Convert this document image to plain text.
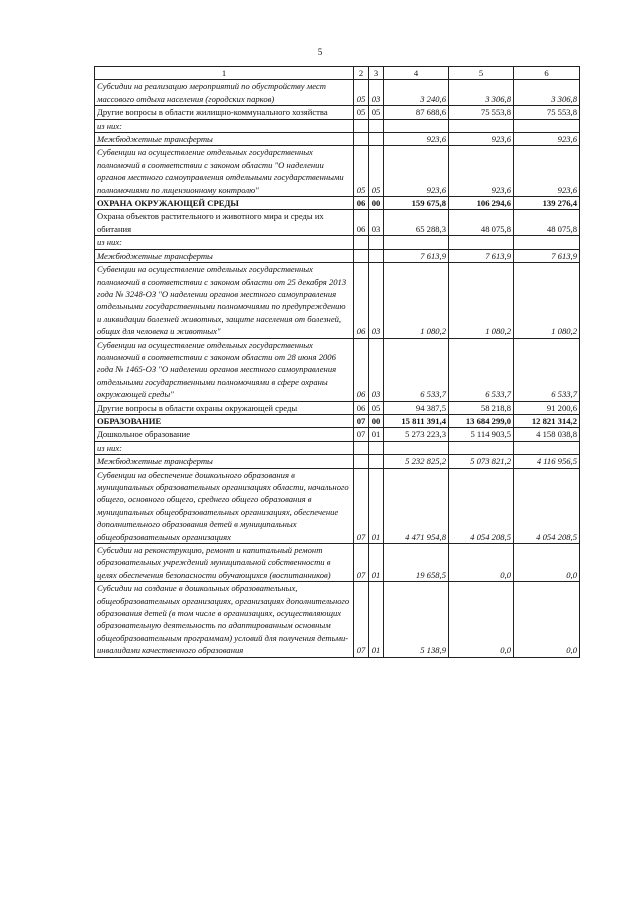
5
1	2	3	4	5	6
Субсидии на реализацию мероприятий по обустройству мест массового отдыха населения (городских парков)	05	03	3 240,6	3 306,8	3 306,8
Другие вопросы в области жилищно-коммунального хозяйства	05	05	87 688,6	75 553,8	75 553,8
из них:					
Межбюджетные трансферты			923,6	923,6	923,6
Субвенции на осуществление отдельных государственных полномочий в соответствии с законом области "О наделении органов местного самоуправления отдельными государственными полномочиями по лицензионному контролю"	05	05	923,6	923,6	923,6
ОХРАНА ОКРУЖАЮЩЕЙ СРЕДЫ	06	00	159 675,8	106 294,6	139 276,4
Охрана объектов растительного и животного мира и среды их обитания	06	03	65 288,3	48 075,8	48 075,8
из них:					
Межбюджетные трансферты			7 613,9	7 613,9	7 613,9
Субвенции на осуществление отдельных государственных полномочий в соответствии с законом области от 25 декабря 2013 года № 3248-ОЗ "О наделении органов местного самоуправления отдельными государственными полномочиями по предупреждению и ликвидации болезней животных, защите населения от болезней, общих для человека и животных"	06	03	1 080,2	1 080,2	1 080,2
Субвенции на осуществление отдельных государственных полномочий в соответствии с законом области от 28 июня 2006 года № 1465-ОЗ "О наделении органов местного самоуправления отдельными государственными полномочиями в сфере охраны окружающей среды"	06	03	6 533,7	6 533,7	6 533,7
Другие вопросы в области охраны окружающей среды	06	05	94 387,5	58 218,8	91 200,6
ОБРАЗОВАНИЕ	07	00	15 811 391,4	13 684 299,0	12 821 314,2
Дошкольное образование	07	01	5 273 223,3	5 114 903,5	4 158 038,8
из них:					
Межбюджетные трансферты			5 232 825,2	5 073 821,2	4 116 956,5
Субвенции на обеспечение дошкольного образования в муниципальных образовательных организациях области, начального общего, основного общего, среднего общего образования в муниципальных общеобразовательных организациях, обеспечение дополнительного образования детей в муниципальных общеобразовательных организациях	07	01	4 471 954,8	4 054 208,5	4 054 208,5
Субсидии на реконструкцию, ремонт и капитальный ремонт образовательных учреждений муниципальной собственности в целях обеспечения безопасности обучающихся (воспитанников)	07	01	19 658,5	0,0	0,0
Субсидии на создание в дошкольных образовательных, общеобразовательных организациях, организациях дополнительного образования детей (в том числе в организациях, осуществляющих образовательную деятельность по адаптированным основным общеобразовательным программам) условий для получения детьми-инвалидами качественного образования	07	01	5 138,9	0,0	0,0
